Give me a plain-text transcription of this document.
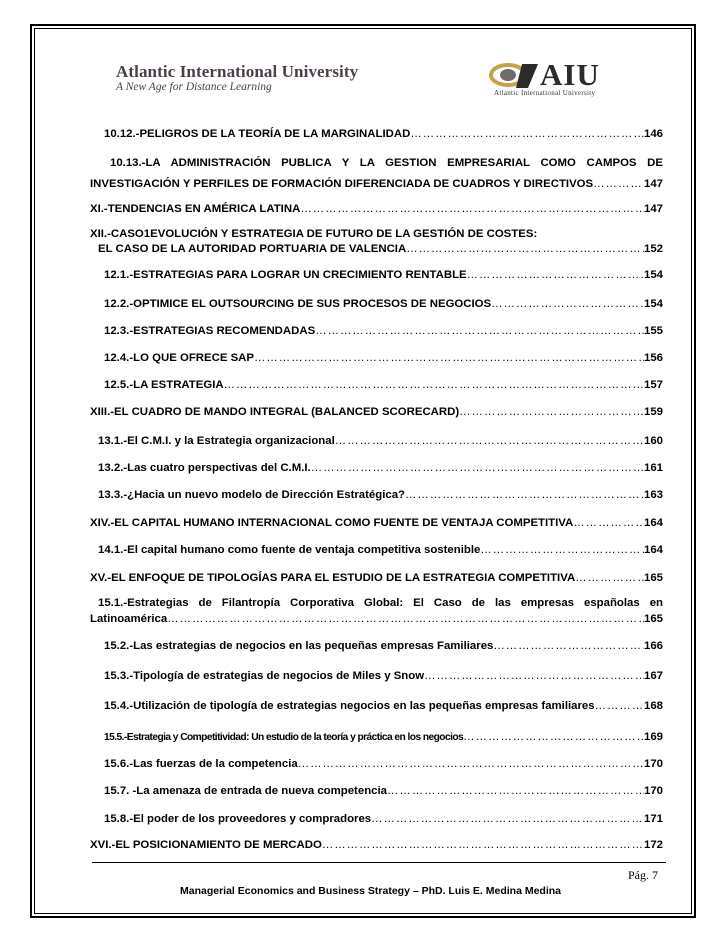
Atlantic International University
A New Age for Distance Learning	AIU
Atlantic International University
10.12.-PELIGROS DE LA TEORÍA DE LA MARGINALIDAD ………………………………………………………………………………………………………………………………………………………………	146
10.13.-LA ADMINISTRACIÓN PUBLICA Y LA GESTION EMPRESARIAL COMO CAMPOS DE
INVESTIGACIÓN Y PERFILES DE FORMACIÓN DIFERENCIADA DE CUADROS Y DIRECTIVOS ………………………………………………………………………………………………………………………………………………………………	147
XI.-TENDENCIAS EN AMÉRICA LATINA ………………………………………………………………………………………………………………………………………………………………	147
XII.-CASO1EVOLUCIÓN Y ESTRATEGIA DE FUTURO DE LA GESTIÓN DE COSTES:
EL CASO DE LA AUTORIDAD PORTUARIA DE VALENCIA ………………………………………………………………………………………………………………………………………………………………	152
12.1.-ESTRATEGIAS PARA LOGRAR UN CRECIMIENTO RENTABLE ………………………………………………………………………………………………………………………………………………………………	154
12.2.-OPTIMICE EL OUTSOURCING DE SUS PROCESOS DE NEGOCIOS ………………………………………………………………………………………………………………………………………………………………	154
12.3.-ESTRATEGIAS RECOMENDADAS ………………………………………………………………………………………………………………………………………………………………	155
12.4.-LO QUE OFRECE SAP ………………………………………………………………………………………………………………………………………………………………	156
12.5.-LA ESTRATEGIA ………………………………………………………………………………………………………………………………………………………………	157
XIII.-EL CUADRO DE MANDO INTEGRAL (BALANCED SCORECARD) ………………………………………………………………………………………………………………………………………………………………	159
13.1.-El C.M.I. y la Estrategia organizacional ………………………………………………………………………………………………………………………………………………………………	160
13.2.-Las cuatro perspectivas del C.M.I. ………………………………………………………………………………………………………………………………………………………………	161
13.3.-¿Hacia un nuevo modelo de Dirección Estratégica? ………………………………………………………………………………………………………………………………………………………………	163
XIV.-EL CAPITAL HUMANO INTERNACIONAL COMO FUENTE DE VENTAJA COMPETITIVA ………………………………………………………………………………………………………………………………………………………………	164
14.1.-El capital humano como fuente de ventaja competitiva sostenible ………………………………………………………………………………………………………………………………………………………………	164
XV.-EL ENFOQUE DE TIPOLOGÍAS PARA EL ESTUDIO DE LA ESTRATEGIA COMPETITIVA ………………………………………………………………………………………………………………………………………………………………	165
15.1.-Estrategias de Filantropía Corporativa Global: El Caso de las empresas españolas en
Latinoamérica ………………………………………………………………………………………………………………………………………………………………	165
15.2.-Las estrategias de negocios en las pequeñas empresas Familiares ………………………………………………………………………………………………………………………………………………………………	166
15.3.-Tipología de estrategias de negocios de Miles y Snow ………………………………………………………………………………………………………………………………………………………………	167
15.4.-Utilización de tipología de estrategias negocios en las pequeñas empresas familiares ………………………………………………………………………………………………………………………………………………………………	168
15.5.-Estrategia y Competitividad: Un estudio de la teoría y práctica en los negocios ………………………………………………………………………………………………………………………………………………………………	169
15.6.-Las fuerzas de la competencia ………………………………………………………………………………………………………………………………………………………………	170
15.7. -La amenaza de entrada de nueva competencia ………………………………………………………………………………………………………………………………………………………………	170
15.8.-El poder de los proveedores y compradores ………………………………………………………………………………………………………………………………………………………………	171
XVI.-EL POSICIONAMIENTO DE MERCADO ………………………………………………………………………………………………………………………………………………………………	172
Pág. 7
Managerial Economics and Business Strategy – PhD. Luis E. Medina Medina
